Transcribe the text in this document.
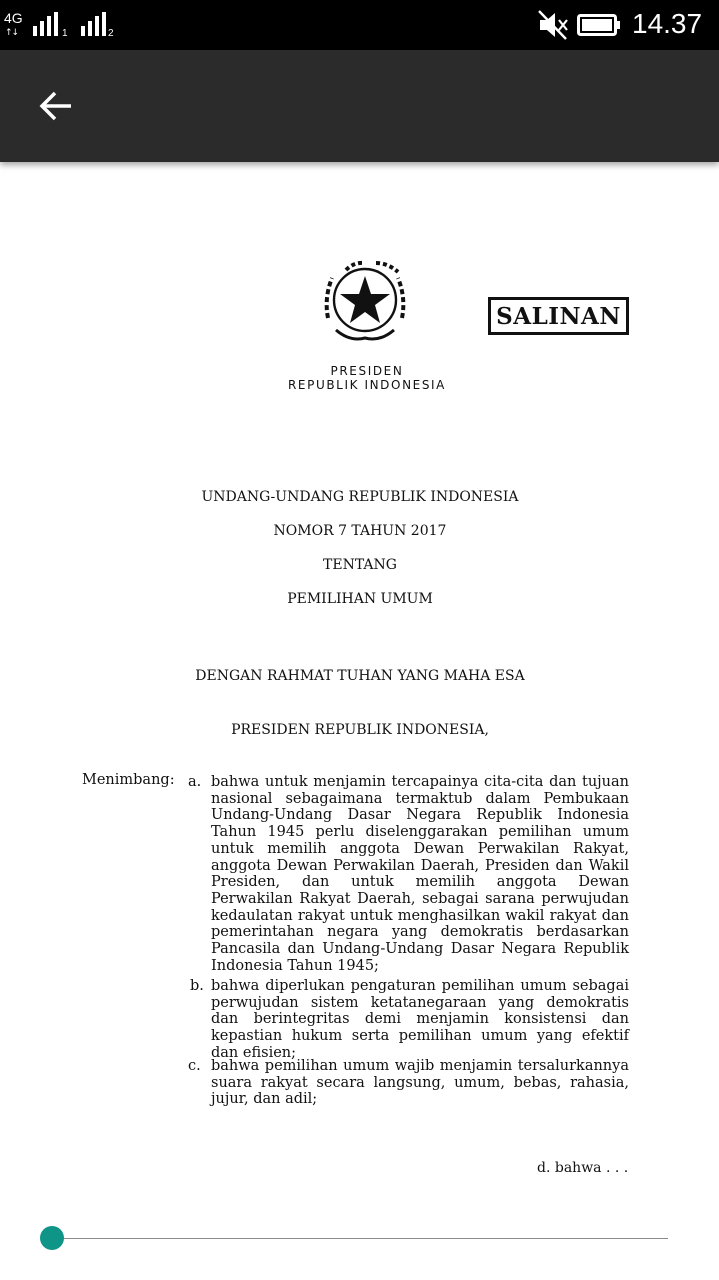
4G
↑↓	1	2	14.37
SALINAN
PRESIDEN
REPUBLIK INDONESIA
UNDANG-UNDANG REPUBLIK INDONESIA
NOMOR 7 TAHUN 2017
TENTANG
PEMILIHAN UMUM
DENGAN RAHMAT TUHAN YANG MAHA ESA
PRESIDEN REPUBLIK INDONESIA,
Menimbang: a. bahwa untuk menjamin tercapainya cita-cita dan tujuan nasional sebagaimana termaktub dalam Pembukaan Undang-Undang Dasar Negara Republik Indonesia Tahun 1945 perlu diselenggarakan pemilihan umum untuk memilih anggota Dewan Perwakilan Rakyat, anggota Dewan Perwakilan Daerah, Presiden dan Wakil Presiden, dan untuk memilih anggota Dewan Perwakilan Rakyat Daerah, sebagai sarana perwujudan kedaulatan rakyat untuk menghasilkan wakil rakyat dan pemerintahan negara yang demokratis berdasarkan Pancasila dan Undang-Undang Dasar Negara Republik Indonesia Tahun 1945;
b. bahwa diperlukan pengaturan pemilihan umum sebagai perwujudan sistem ketatanegaraan yang demokratis dan berintegritas demi menjamin konsistensi dan kepastian hukum serta pemilihan umum yang efektif dan efisien;
c. bahwa pemilihan umum wajib menjamin tersalurkannya suara rakyat secara langsung, umum, bebas, rahasia, jujur, dan adil;
d. bahwa . . .
